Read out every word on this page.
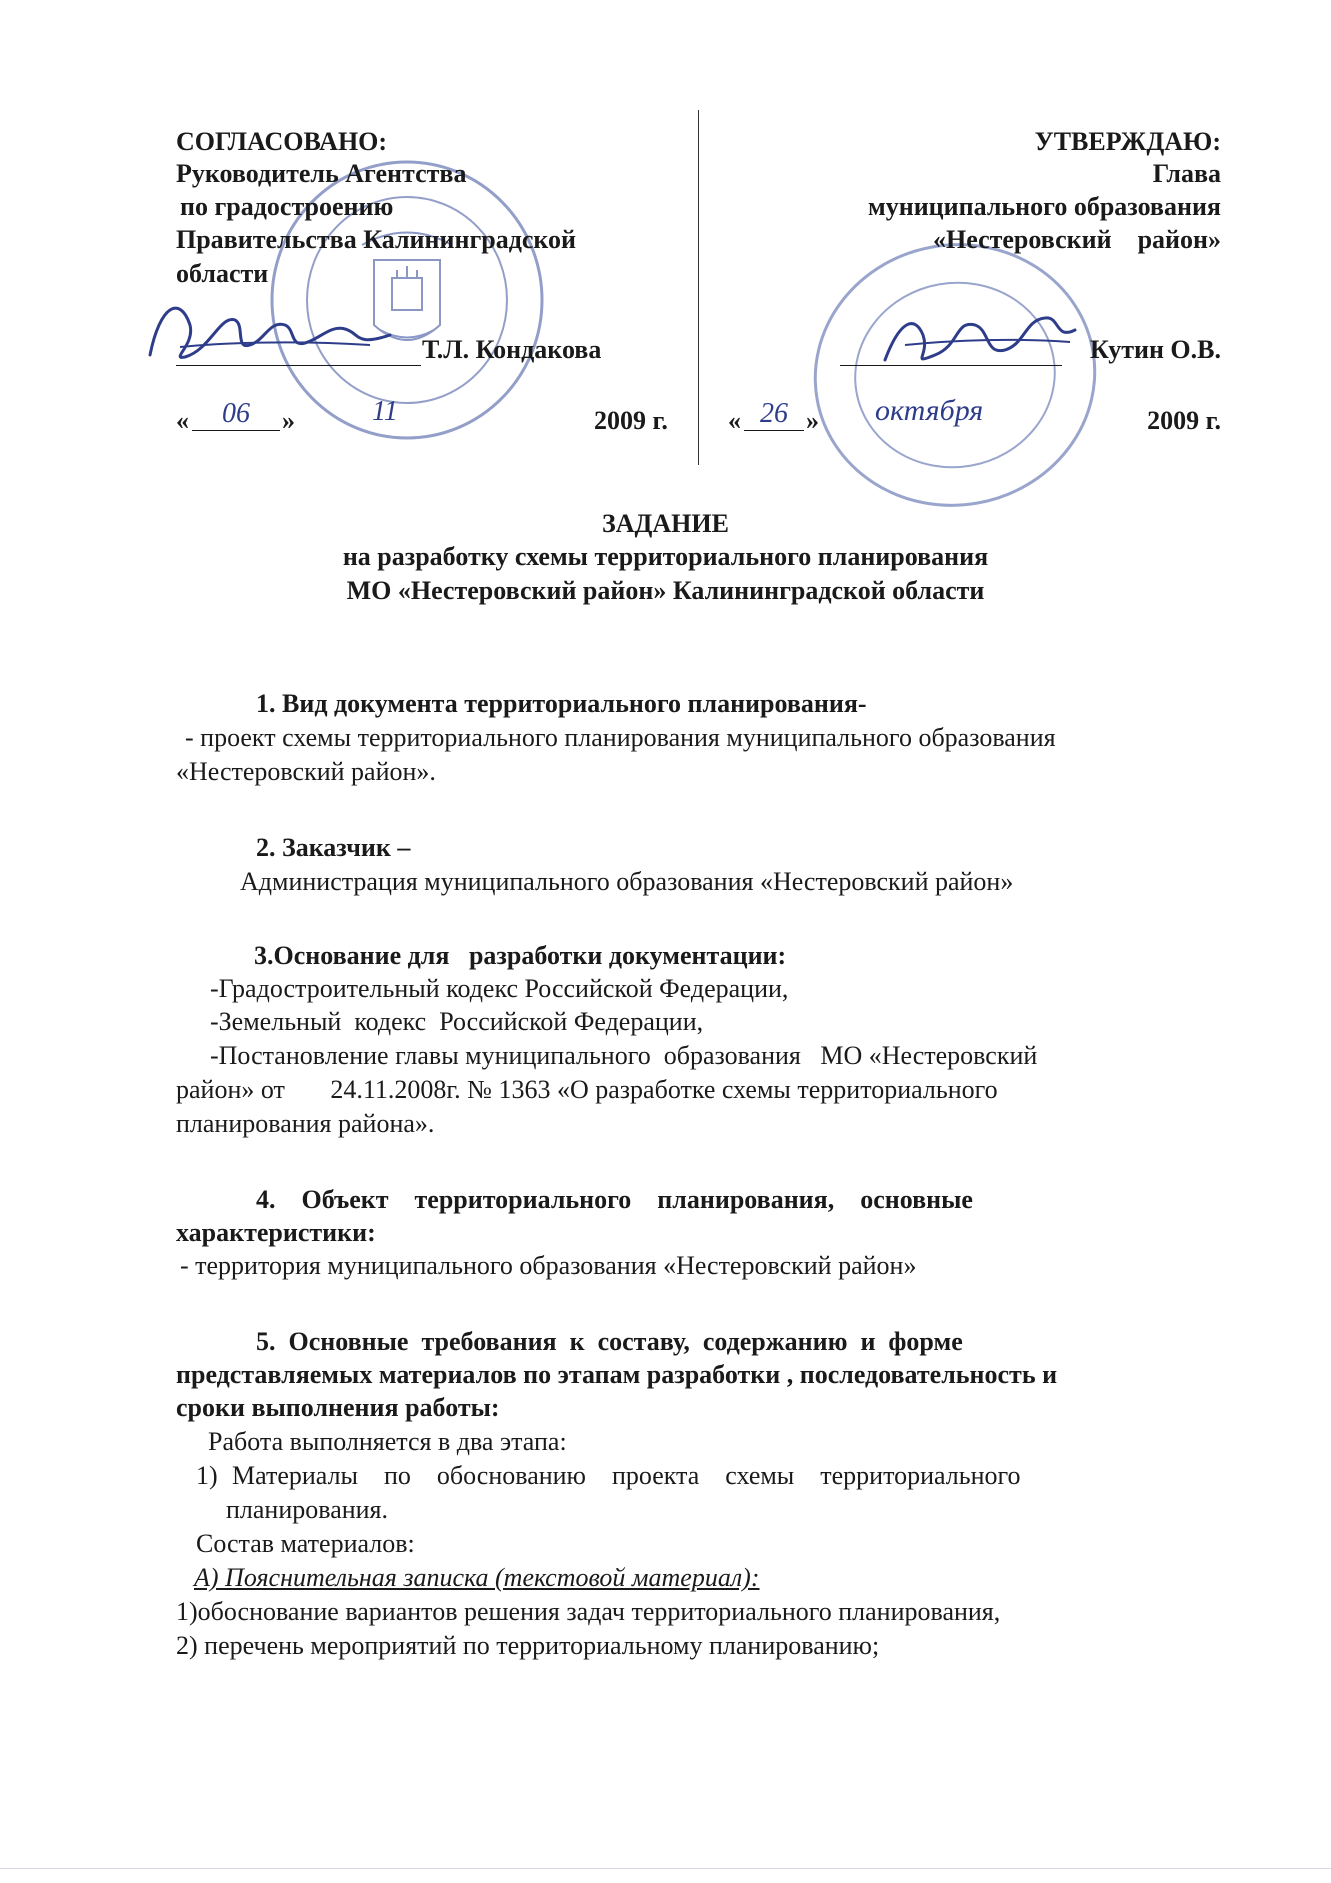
СОГЛАСОВАНО:
Руководитель Агентства
по градостроению
Правительства Калининградской
области
Т.Л. Кондакова
«	06	»	11	2009 г.
УТВЕРЖДАЮ:
Глава
муниципального образования
«Нестеровский    район»
Кутин О.В.
« 26 » октября	2009 г.
ЗАДАНИЕ
на разработку схемы территориального планирования
МО «Нестеровский район» Калининградской области
1. Вид документа территориального планирования-
- проект схемы территориального планирования муниципального образования
«Нестеровский район».
2. Заказчик –
Администрация муниципального образования «Нестеровский район»
3.Основание для   разработки документации:
-Градостроительный кодекс Российской Федерации,
-Земельный  кодекс  Российской Федерации,
-Постановление главы муниципального  образования   МО «Нестеровский
район» от       24.11.2008г. № 1363 «О разработке схемы территориального
планирования района».
4.    Объект    территориального    планирования,    основные
характеристики:
- территория муниципального образования «Нестеровский район»
5.  Основные  требования  к  составу,  содержанию  и  форме
представляемых материалов по этапам разработки , последовательность и
сроки выполнения работы:
Работа выполняется в два этапа:
1) Материалы    по    обоснованию    проекта    схемы    территориального
планирования.
Состав материалов:
А) Пояснительная записка (текстовой материал):
1)обоснование вариантов решения задач территориального планирования,
2) перечень мероприятий по территориальному планированию;
